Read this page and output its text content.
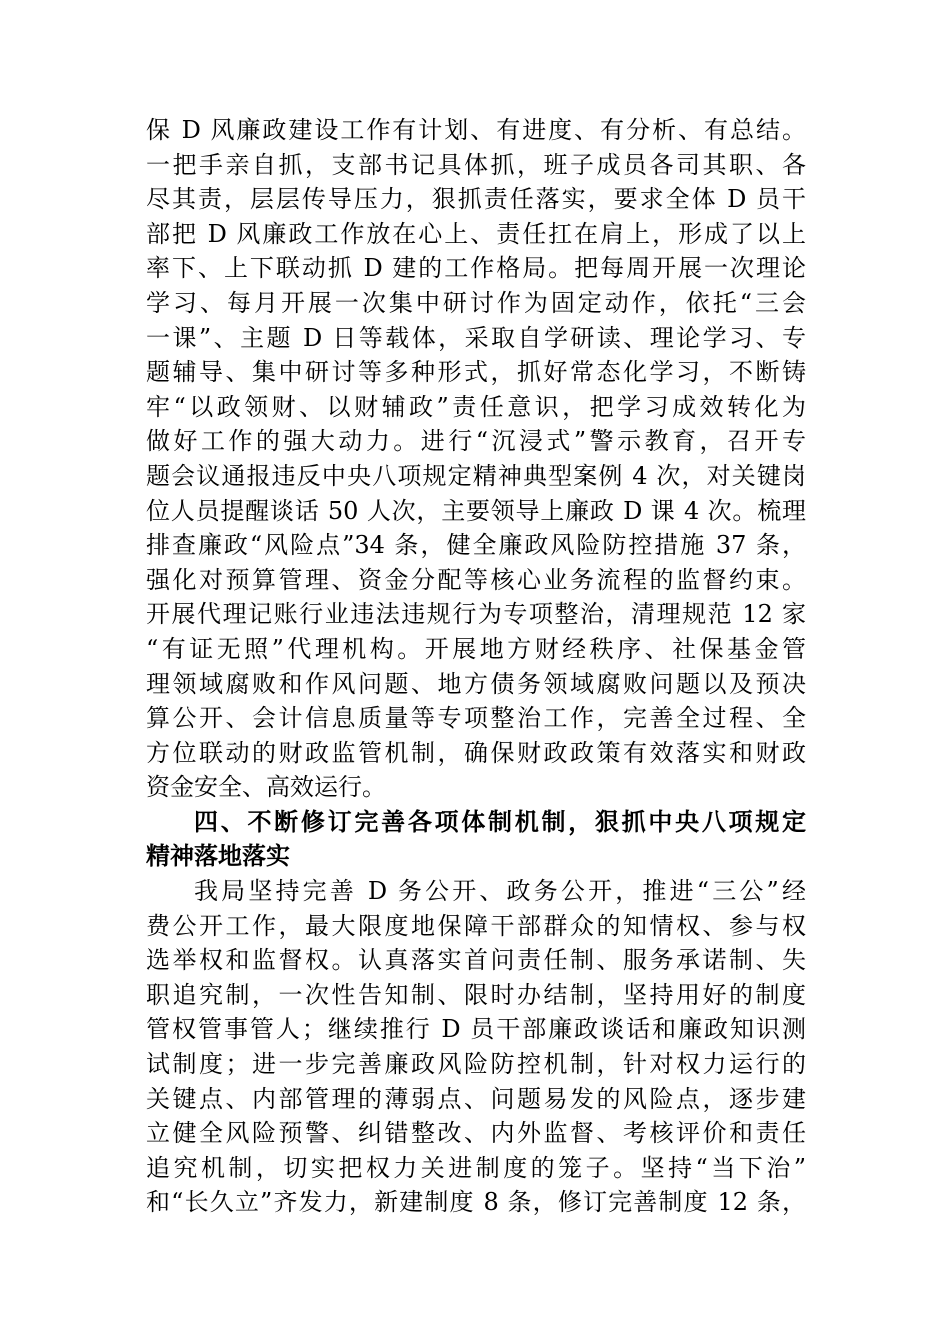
保 D 风廉政建设工作有计划、有进度、有分析、有总结。
一把手亲自抓，支部书记具体抓，班子成员各司其职、各
尽其责，层层传导压力，狠抓责任落实，要求全体 D 员干
部把 D 风廉政工作放在心上、责任扛在肩上，形成了以上
率下、上下联动抓 D 建的工作格局。把每周开展一次理论
学习、每月开展一次集中研讨作为固定动作，依托“三会
一课”、主题 D 日等载体，采取自学研读、理论学习、专
题辅导、集中研讨等多种形式，抓好常态化学习，不断铸
牢“以政领财、以财辅政”责任意识，把学习成效转化为
做好工作的强大动力。进行“沉浸式”警示教育，召开专
题会议通报违反中央八项规定精神典型案例 4 次，对关键岗
位人员提醒谈话 50 人次，主要领导上廉政 D 课 4 次。梳理
排查廉政“风险点”34 条，健全廉政风险防控措施 37 条，
强化对预算管理、资金分配等核心业务流程的监督约束。
开展代理记账行业违法违规行为专项整治，清理规范 12 家
“有证无照”代理机构。开展地方财经秩序、社保基金管
理领域腐败和作风问题、地方债务领域腐败问题以及预决
算公开、会计信息质量等专项整治工作，完善全过程、全
方位联动的财政监管机制，确保财政政策有效落实和财政
资金安全、高效运行。
四、不断修订完善各项体制机制，狠抓中央八项规定
精神落地落实
我局坚持完善 D 务公开、政务公开，推进“三公”经
费公开工作，最大限度地保障干部群众的知情权、参与权
选举权和监督权。认真落实首问责任制、服务承诺制、失
职追究制，一次性告知制、限时办结制，坚持用好的制度
管权管事管人；继续推行 D 员干部廉政谈话和廉政知识测
试制度；进一步完善廉政风险防控机制，针对权力运行的
关键点、内部管理的薄弱点、问题易发的风险点，逐步建
立健全风险预警、纠错整改、内外监督、考核评价和责任
追究机制，切实把权力关进制度的笼子。坚持“当下治”
和“长久立”齐发力，新建制度 8 条，修订完善制度 12 条，
